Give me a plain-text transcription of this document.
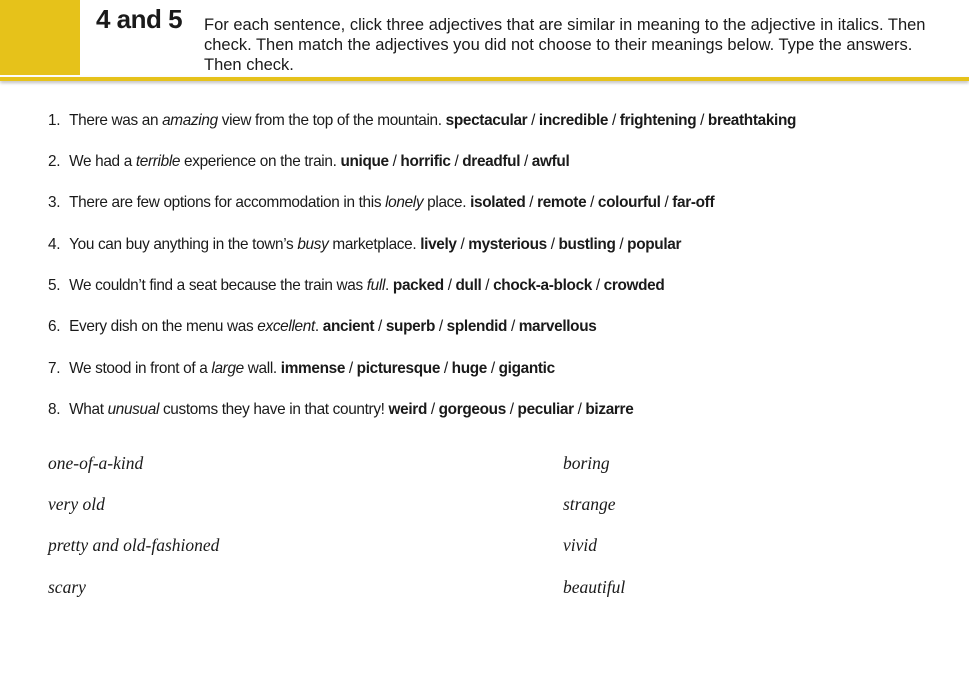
4 and 5 For each sentence, click three adjectives that are similar in meaning to the adjective in italics. Then check. Then match the adjectives you did not choose to their meanings below. Type the answers. Then check.
1. There was an amazing view from the top of the mountain. spectacular / incredible / frightening / breathtaking
2. We had a terrible experience on the train. unique / horrific / dreadful / awful
3. There are few options for accommodation in this lonely place. isolated / remote / colourful / far-off
4. You can buy anything in the town’s busy marketplace. lively / mysterious / bustling / popular
5. We couldn’t find a seat because the train was full. packed / dull / chock-a-block / crowded
6. Every dish on the menu was excellent. ancient / superb / splendid / marvellous
7. We stood in front of a large wall. immense / picturesque / huge / gigantic
8. What unusual customs they have in that country! weird / gorgeous / peculiar / bizarre
one-of-a-kind
very old
pretty and old-fashioned
scary
boring
strange
vivid
beautiful
